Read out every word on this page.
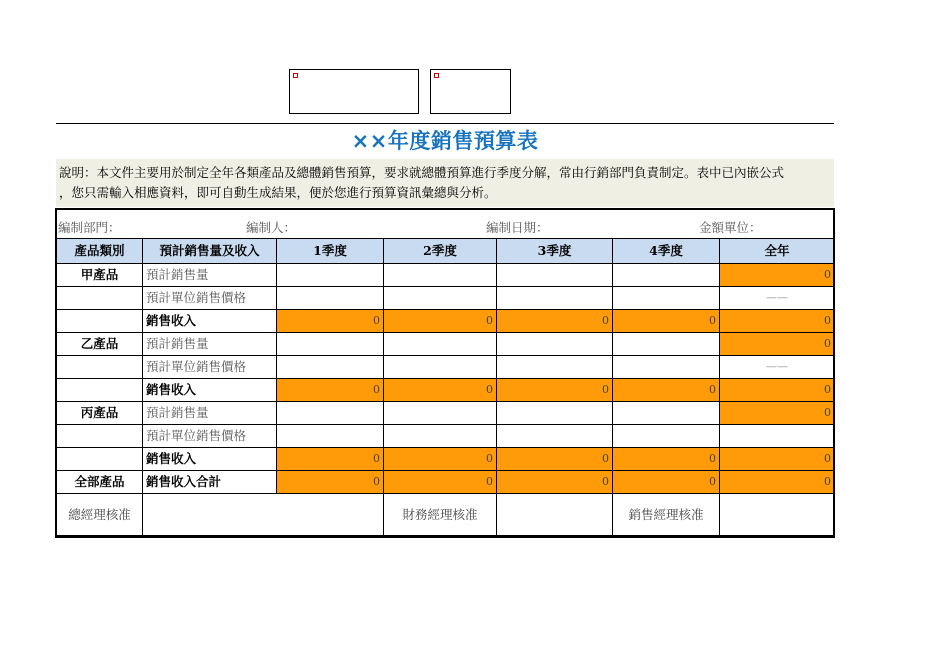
××年度銷售預算表
說明：本文件主要用於制定全年各類產品及總體銷售預算，要求就總體預算進行季度分解，常由行銷部門負責制定。表中已內嵌公式
，您只需輸入相應資料，即可自動生成結果，便於您進行預算資訊彙總與分析。
編制部門：	編制人：	編制日期：	金額單位：
產品類別	預計銷售量及收入	1季度	2季度	3季度	4季度	全年
甲產品	預計銷售量					0
	預計單位銷售價格					——
	銷售收入	0	0	0	0	0
乙產品	預計銷售量					0
	預計單位銷售價格					——
	銷售收入	0	0	0	0	0
丙產品	預計銷售量					0
	預計單位銷售價格					
	銷售收入	0	0	0	0	0
全部產品	銷售收入合計	0	0	0	0	0
總經理核准			財務經理核准		銷售經理核准	
